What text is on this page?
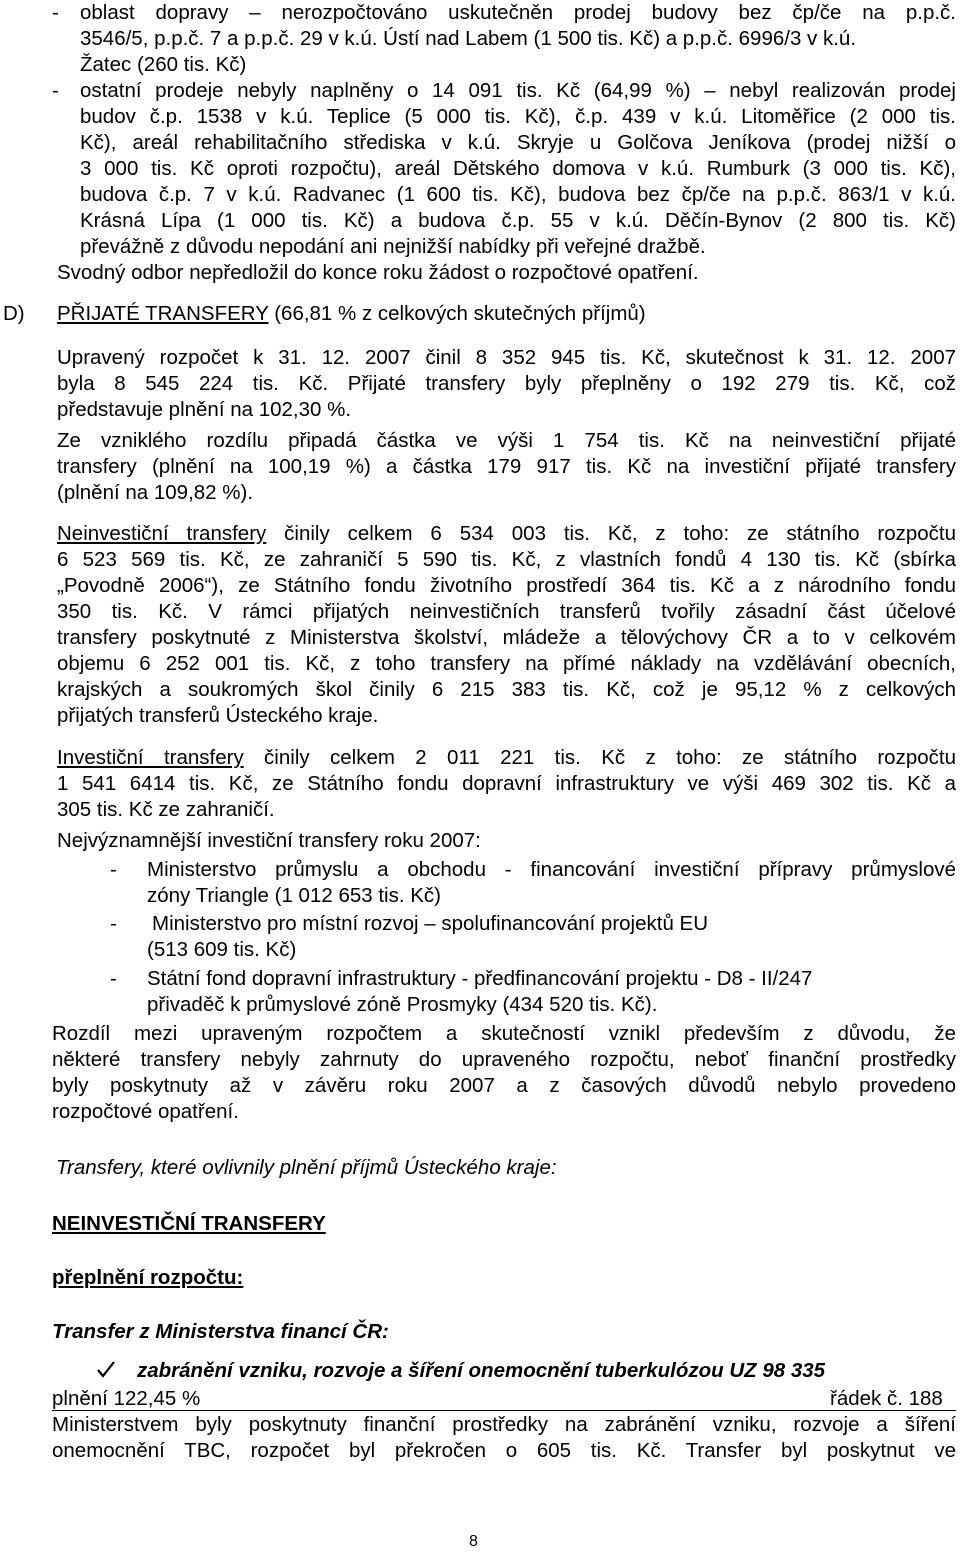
- oblast dopravy – nerozpočtováno uskutečněn prodej budovy bez čp/če na p.p.č.
3546/5, p.p.č. 7 a p.p.č. 29 v k.ú. Ústí nad Labem (1 500 tis. Kč) a p.p.č. 6996/3 v k.ú.
Žatec (260 tis. Kč)
- ostatní prodeje nebyly naplněny o 14 091 tis. Kč (64,99 %) – nebyl realizován prodej
budov č.p. 1538 v k.ú. Teplice (5 000 tis. Kč), č.p. 439 v k.ú. Litoměřice (2 000 tis.
Kč), areál rehabilitačního střediska v k.ú. Skryje u Golčova Jeníkova (prodej nižší o
3 000 tis. Kč oproti rozpočtu), areál Dětského domova v k.ú. Rumburk (3 000 tis. Kč),
budova č.p. 7 v k.ú. Radvanec (1 600 tis. Kč), budova bez čp/če na p.p.č. 863/1 v k.ú.
Krásná Lípa (1 000 tis. Kč) a budova č.p. 55 v k.ú. Děčín-Bynov (2 800 tis. Kč)
převážně z důvodu nepodání ani nejnižší nabídky při veřejné dražbě.
Svodný odbor nepředložil do konce roku žádost o rozpočtové opatření.
D) PŘIJATÉ TRANSFERY (66,81 % z celkových skutečných příjmů)
Upravený rozpočet k 31. 12. 2007 činil 8 352 945 tis. Kč, skutečnost k 31. 12. 2007
byla 8 545 224 tis. Kč. Přijaté transfery byly přeplněny o 192 279 tis. Kč, což
představuje plnění na 102,30 %.
Ze vzniklého rozdílu připadá částka ve výši 1 754 tis. Kč na neinvestiční přijaté
transfery (plnění na 100,19 %) a částka 179 917 tis. Kč na investiční přijaté transfery
(plnění na 109,82 %).
Neinvestiční transfery činily celkem 6 534 003 tis. Kč, z toho: ze státního rozpočtu
6 523 569 tis. Kč, ze zahraničí 5 590 tis. Kč, z vlastních fondů 4 130 tis. Kč (sbírka
„Povodně 2006“), ze Státního fondu životního prostředí 364 tis. Kč a z národního fondu
350 tis. Kč. V rámci přijatých neinvestičních transferů tvořily zásadní část účelové
transfery poskytnuté z Ministerstva školství, mládeže a tělovýchovy ČR a to v celkovém
objemu 6 252 001 tis. Kč, z toho transfery na přímé náklady na vzdělávání obecních,
krajských a soukromých škol činily 6 215 383 tis. Kč, což je 95,12 % z celkových
přijatých transferů Ústeckého kraje.
Investiční transfery činily celkem 2 011 221 tis. Kč z toho: ze státního rozpočtu
1 541 6414 tis. Kč, ze Státního fondu dopravní infrastruktury ve výši 469 302 tis. Kč a
305 tis. Kč ze zahraničí.
Nejvýznamnější investiční transfery roku 2007:
- Ministerstvo průmyslu a obchodu - financování investiční přípravy průmyslové
zóny Triangle (1 012 653 tis. Kč)
- Ministerstvo pro místní rozvoj – spolufinancování projektů EU
(513 609 tis. Kč)
- Státní fond dopravní infrastruktury - předfinancování projektu - D8 - II/247
přivaděč k průmyslové zóně Prosmyky (434 520 tis. Kč).
Rozdíl mezi upraveným rozpočtem a skutečností vznikl především z důvodu, že
některé transfery nebyly zahrnuty do upraveného rozpočtu, neboť finanční prostředky
byly poskytnuty až v závěru roku 2007 a z časových důvodů nebylo provedeno
rozpočtové opatření.
Transfery, které ovlivnily plnění příjmů Ústeckého kraje:
NEINVESTIČNÍ TRANSFERY
přeplnění rozpočtu:
Transfer z Ministerstva financí ČR:
zabránění vzniku, rozvoje a šíření onemocnění tuberkulózou UZ 98 335
plnění 122,45 %	řádek č. 188
Ministerstvem byly poskytnuty finanční prostředky na zabránění vzniku, rozvoje a šíření
onemocnění TBC, rozpočet byl překročen o 605 tis. Kč. Transfer byl poskytnut ve
8
